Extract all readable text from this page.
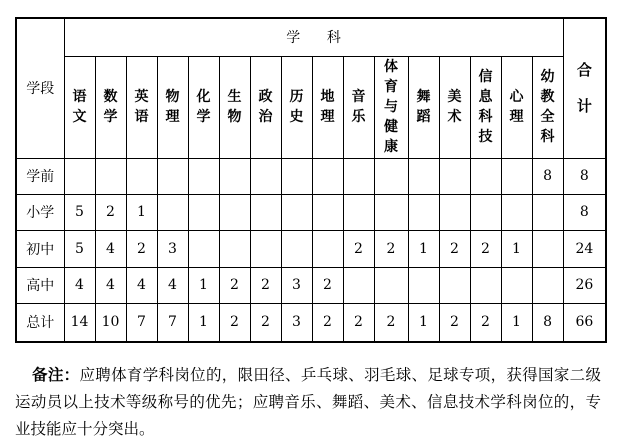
学段	学科																合计

	语文	数学	英语	物理	化学	生物	政治	历史	地理	音乐	体育与健康	舞蹈	美术	信息科技	心理	幼教全科	

学前																8	8
小学	5	2	1														8
初中	5	4	2	3						2	2	1	2	2	1		24
高中	4	4	4	4	1	2	2	3	2								26
总计	14	10	7	7	1	2	2	3	2	2	2	1	2	2	1	8	66

备注：应聘体育学科岗位的，限田径、乒乓球、羽毛球、足球专项，获得国家二级运动员以上技术等级称号的优先；应聘音乐、舞蹈、美术、信息技术学科岗位的，专业技能应十分突出。
